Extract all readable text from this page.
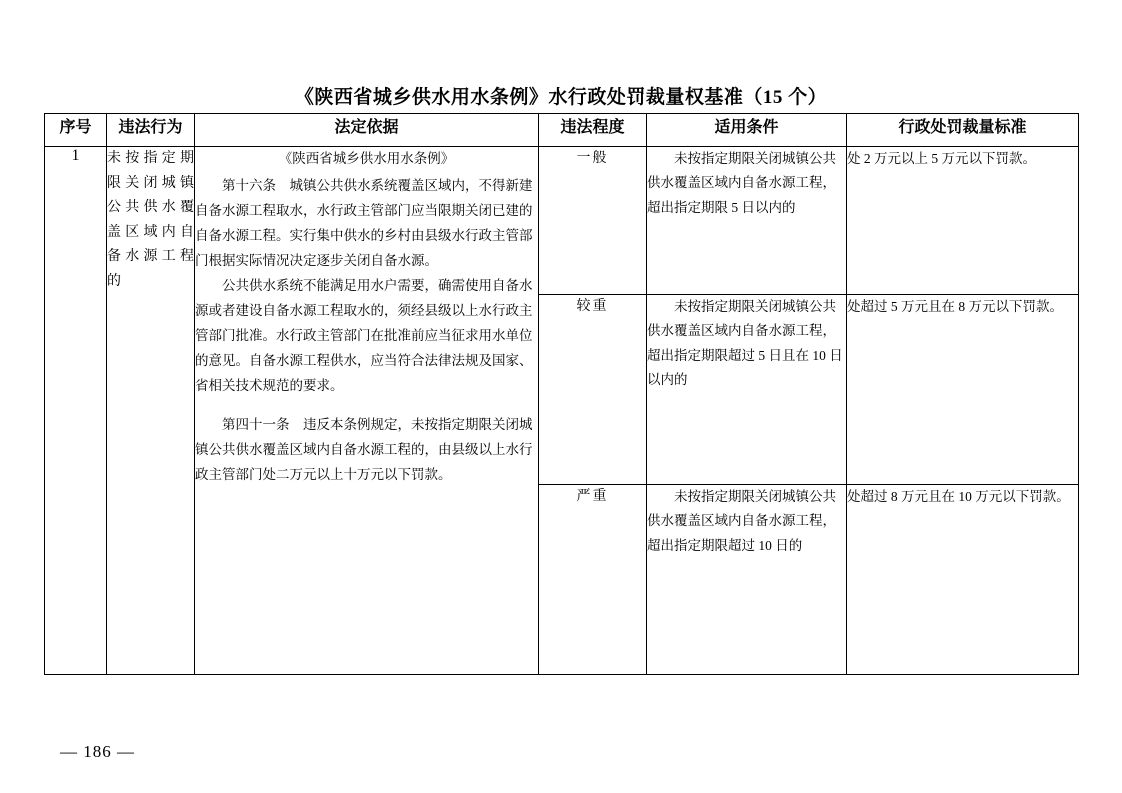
《陕西省城乡供水用水条例》水行政处罚裁量权基准（15 个）
序号	违法行为	法定依据	违法程度	适用条件	行政处罚裁量标准
1	未 按 指 定 期 限 关 闭 城 镇 公 共 供 水 覆 盖 区 域 内 自 备 水 源 工 程 的	《陕西省城乡供水用水条例》

第十六条　城镇公共供水系统覆盖区域内，不得新建自备水源工程取水，水行政主管部门应当限期关闭已建的自备水源工程。实行集中供水的乡村由县级水行政主管部门根据实际情况决定逐步关闭自备水源。

公共供水系统不能满足用水户需要，确需使用自备水源或者建设自备水源工程取水的，须经县级以上水行政主管部门批准。水行政主管部门在批准前应当征求用水单位的意见。自备水源工程供水，应当符合法律法规及国家、省相关技术规范的要求。

第四十一条　违反本条例规定，未按指定期限关闭城镇公共供水覆盖区域内自备水源工程的，由县级以上水行政主管部门处二万元以上十万元以下罚款。	一般	未按指定期限关闭城镇公共供水覆盖区域内自备水源工程，超出指定期限 5 日以内的	处 2 万元以上 5 万元以下罚款。
			较重	未按指定期限关闭城镇公共供水覆盖区域内自备水源工程，超出指定期限超过 5 日且在 10 日以内的	处超过 5 万元且在 8 万元以下罚款。
			严重	未按指定期限关闭城镇公共供水覆盖区域内自备水源工程，超出指定期限超过 10 日的	处超过 8 万元且在 10 万元以下罚款。
— 186 —
